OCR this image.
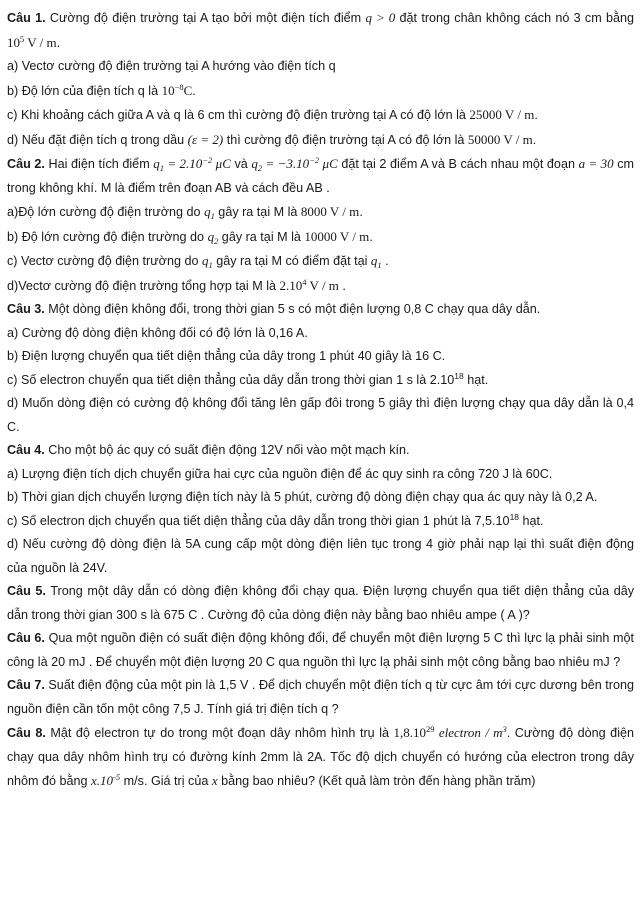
Câu 1. Cường độ điện trường tại A tạo bởi một điện tích điểm q > 0 đặt trong chân không cách nó 3 cm bằng $10^5$ V / m.

a) Vectơ cường độ điện trường tại A hướng vào điện tích q

b) Độ lớn của điện tích q là $10^{-8}C$.

c) Khi khoảng cách giữa A và q là 6 cm thì cường độ điện trường tại A có độ lớn là 25000 V / m.

d) Nếu đặt điện tích q trong dầu (ε = 2) thì cường độ điện trường tại A có độ lớn là 50000 V / m.

Câu 2. Hai điện tích điểm $q_1 = 2.10^{-2}$ μC và $q_2 = -3.10^{-2}$ μC đặt tại 2 điểm A và B cách nhau một đoạn a = 30 cm trong không khí. M là điểm trên đoạn AB và cách đều AB .

a)Độ lớn cường độ điện trường do $q_1$ gây ra tại M là 8000 V / m.

b) Độ lớn cường độ điện trường do $q_2$ gây ra tại M là 10000 V / m.

c) Vectơ cường độ điện trường do $q_1$ gây ra tại M có điểm đặt tại $q_1$ .

d)Vectơ cường độ điện trường tổng hợp tại M là 2.10$^4$ V / m .

Câu 3. Một dòng điện không đổi, trong thời gian 5 s có một điện lượng 0,8 C chạy qua dây dẫn.

a) Cường độ dòng điện không đối có độ lớn là 0,16 A.

b) Điện lượng chuyển qua tiết diện thẳng của dây trong 1 phút 40 giây là 16 C.

c) Số electron chuyển qua tiết diện thẳng của dây dẫn trong thời gian 1 s là 2.10$^{18}$ hạt.

d) Muốn dòng điện có cường độ không đổi tăng lên gấp đôi trong 5 giây thì điện lượng chạy qua dây dẫn là 0,4 C.

Câu 4. Cho một bộ ác quy có suất điện động 12V nối vào một mạch kín.

a) Lượng điện tích dịch chuyển giữa hai cực của nguồn điện để ác quy sinh ra công 720 J là 60C.

b) Thời gian dịch chuyển lượng điện tích này là 5 phút, cường độ dòng điện chạy qua ác quy này là 0,2 A.

c) Số electron dịch chuyển qua tiết diện thẳng của dây dẫn trong thời gian 1 phút là 7,5.10$^{18}$ hạt.

d) Nếu cường độ dòng điện là 5A cung cấp một dòng điện liên tục trong 4 giờ phải nạp lại thì suất điện động của nguồn là 24V.

Câu 5. Trong một dây dẫn có dòng điện không đổi chạy qua. Điện lượng chuyển qua tiết diện thẳng của dây dẫn trong thời gian 300 s là 675 C . Cường độ của dòng điện này bằng bao nhiêu ampe ( A )?

Câu 6. Qua một nguồn điện có suất điện động không đổi, để chuyển một điện lượng 5 C thì lực lạ phải sinh một công là 20 mJ . Để chuyển một điện lượng 20 C qua nguồn thì lực lạ phải sinh một công bằng bao nhiêu mJ ?

Câu 7. Suất điện động của một pin là 1,5 V . Để dịch chuyển một điện tích q từ cực âm tới cực dương bên trong nguồn điện cần tốn một công 7,5 J. Tính giá trị điện tích q ?

Câu 8. Mật độ electron tự do trong một đoạn dây nhôm hình trụ là 1,8.10$^{29}$ electron / $m^3$. Cường độ dòng điện chạy qua dây nhôm hình trụ có đường kính 2mm là 2A. Tốc độ dịch chuyển có hướng của electron trong dây nhôm đó bằng $x.10^{-5}$ m/s. Giá trị của x bằng bao nhiêu? (Kết quả làm tròn đến hàng phần trăm)
